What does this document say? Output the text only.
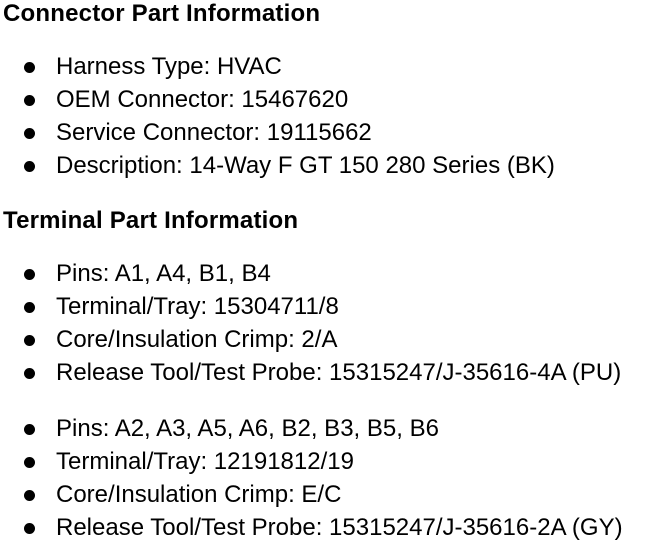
Connector Part Information
Harness Type: HVAC
OEM Connector: 15467620
Service Connector: 19115662
Description: 14-Way F GT 150 280 Series (BK)
Terminal Part Information
Pins: A1, A4, B1, B4
Terminal/Tray: 15304711/8
Core/Insulation Crimp: 2/A
Release Tool/Test Probe: 15315247/J-35616-4A (PU)
Pins: A2, A3, A5, A6, B2, B3, B5, B6
Terminal/Tray: 12191812/19
Core/Insulation Crimp: E/C
Release Tool/Test Probe: 15315247/J-35616-2A (GY)
